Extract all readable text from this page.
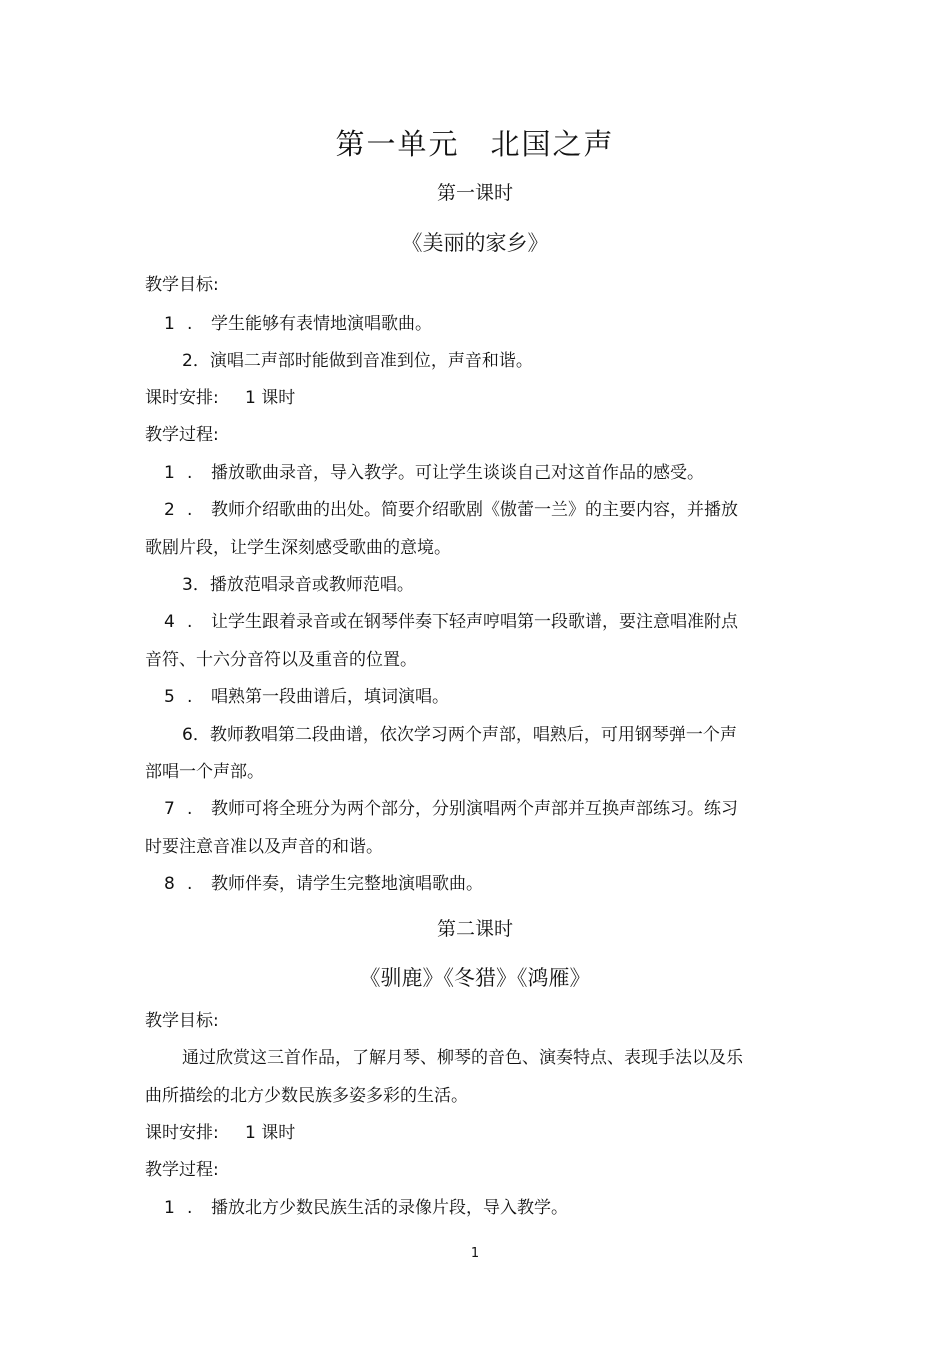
第一单元　北国之声
第一课时
《美丽的家乡》
教学目标:
1 . 学生能够有表情地演唱歌曲。
2．演唱二声部时能做到音准到位，声音和谐。
课时安排: 1 课时
教学过程:
1 . 播放歌曲录音，导入教学。可让学生谈谈自己对这首作品的感受。
2 . 教师介绍歌曲的出处。简要介绍歌剧《傲蕾一兰》的主要内容，并播放
歌剧片段，让学生深刻感受歌曲的意境。
3．播放范唱录音或教师范唱。
4 . 让学生跟着录音或在钢琴伴奏下轻声哼唱第一段歌谱，要注意唱准附点
音符、十六分音符以及重音的位置。
5 . 唱熟第一段曲谱后，填词演唱。
6．教师教唱第二段曲谱，依次学习两个声部，唱熟后，可用钢琴弹一个声
部唱一个声部。
7 . 教师可将全班分为两个部分，分别演唱两个声部并互换声部练习。练习
时要注意音准以及声音的和谐。
8 . 教师伴奏，请学生完整地演唱歌曲。
第二课时
《驯鹿》《冬猎》《鸿雁》
教学目标:
通过欣赏这三首作品，了解月琴、柳琴的音色、演奏特点、表现手法以及乐
曲所描绘的北方少数民族多姿多彩的生活。
课时安排: 1 课时
教学过程:
1 . 播放北方少数民族生活的录像片段，导入教学。
1
